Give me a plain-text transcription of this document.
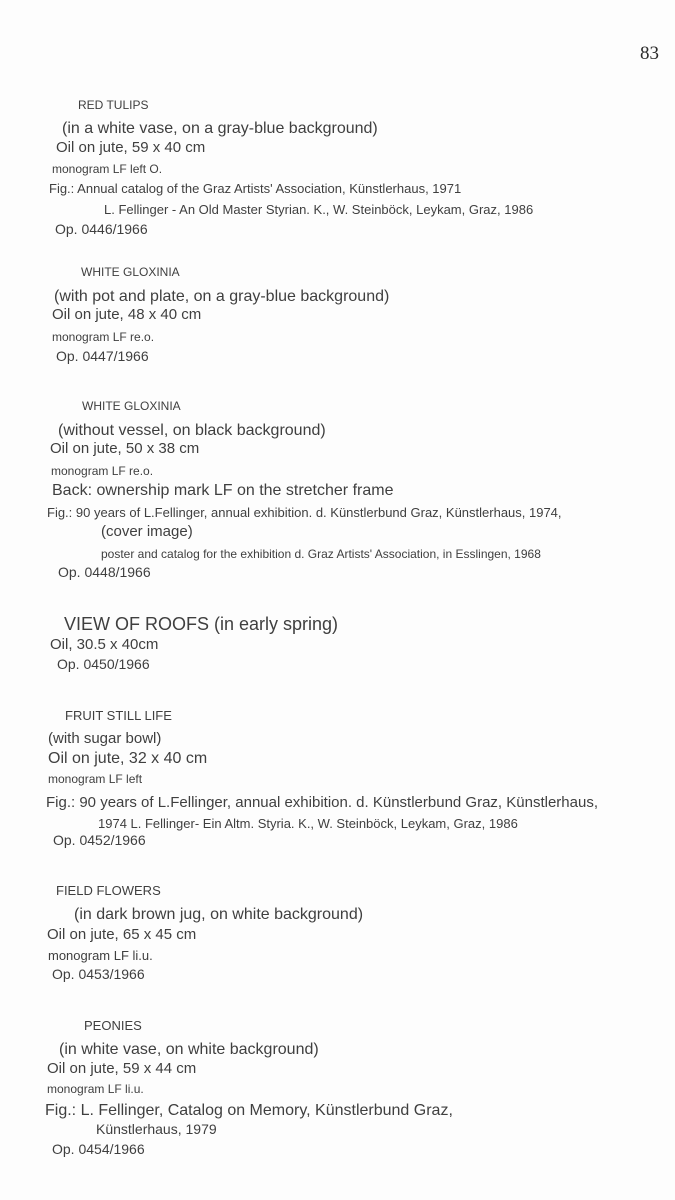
83
RED TULIPS
(in a white vase, on a gray-blue background)
Oil on jute, 59 x 40 cm
monogram LF left O.
Fig.: Annual catalog of the Graz Artists' Association, Künstlerhaus, 1971
L. Fellinger - An Old Master Styrian. K., W. Steinböck, Leykam, Graz, 1986
Op. 0446/1966
WHITE GLOXINIA
(with pot and plate, on a gray-blue background)
Oil on jute, 48 x 40 cm
monogram LF re.o.
Op. 0447/1966
WHITE GLOXINIA
(without vessel, on black background)
Oil on jute, 50 x 38 cm
monogram LF re.o.
Back: ownership mark LF on the stretcher frame
Fig.: 90 years of L.Fellinger, annual exhibition. d. Künstlerbund Graz, Künstlerhaus, 1974,
(cover image)
poster and catalog for the exhibition d. Graz Artists' Association, in Esslingen, 1968
Op. 0448/1966
VIEW OF ROOFS (in early spring)
Oil, 30.5 x 40cm
Op. 0450/1966
FRUIT STILL LIFE
(with sugar bowl)
Oil on jute, 32 x 40 cm
monogram LF left
Fig.: 90 years of L.Fellinger, annual exhibition. d. Künstlerbund Graz, Künstlerhaus,
1974 L. Fellinger- Ein Altm. Styria. K., W. Steinböck, Leykam, Graz, 1986
Op. 0452/1966
FIELD FLOWERS
(in dark brown jug, on white background)
Oil on jute, 65 x 45 cm
monogram LF li.u.
Op. 0453/1966
PEONIES
(in white vase, on white background)
Oil on jute, 59 x 44 cm
monogram LF li.u.
Fig.: L. Fellinger, Catalog on Memory, Künstlerbund Graz,
Künstlerhaus, 1979
Op. 0454/1966
